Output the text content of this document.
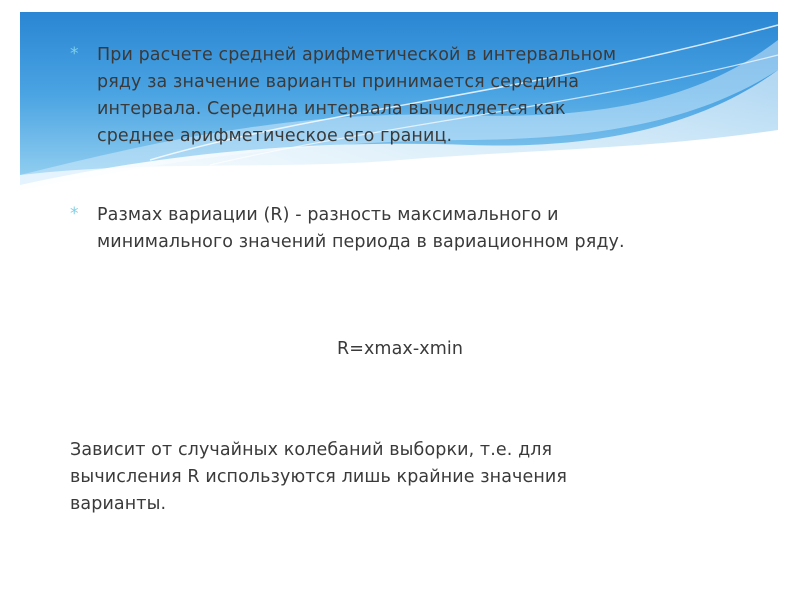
* При расчете средней арифметической в интервальном
ряду за значение варианты принимается середина
интервала. Середина интервала вычисляется как
среднее арифметическое его границ.
* Размах вариации (R) - разность максимального и
минимального значений периода в вариационном ряду.
R=xmax-xmin
Зависит от случайных колебаний выборки, т.е. для
вычисления R используются лишь крайние значения
варианты.
